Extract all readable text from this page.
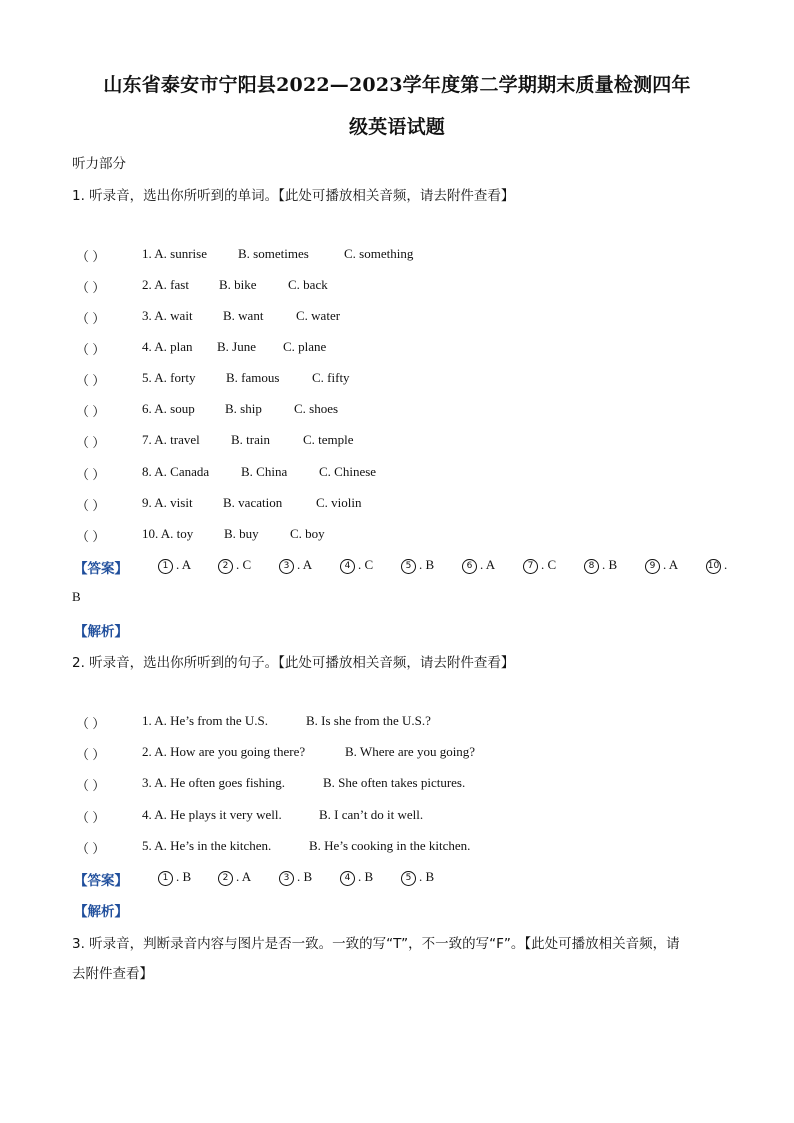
山东省泰安市宁阳县2022—2023学年度第二学期期末质量检测四年
级英语试题
听力部分
1. 听录音，选出你所听到的单词。【此处可播放相关音频，请去附件查看】
（ ）	1. A. sunrise B. sometimes	C. something
（ ）	2. A. fast B. bike C. back
（ ）	3. A. wait B. want	C. water
（ ）	4. A. plan B. June C. plane
（ ）	5. A. forty B. famous	C. fifty
（ ）	6. A. soup B. ship C. shoes
（ ）	7. A. travel B. train	C. temple
（ ）	8. A. Canada B. China C. Chinese
（ ）	9. A. visit B. vacation	C. violin
（ ）	10. A. toy B. buy C. boy
【答案】	1 . A	2 . C	3 . A	4 . C	5 . B	6 . A	7 . C	8 . B	9 . A	10 .
B
【解析】
2. 听录音，选出你所听到的句子。【此处可播放相关音频，请去附件查看】
（ ）	1. A. He’s from the U.S.	B. Is she from the U.S.?
（ ）	2. A. How are you going there?	B. Where are you going?
（ ）	3. A. He often goes fishing.	B. She often takes pictures.
（ ）	4. A. He plays it very well.	B. I can’t do it well.
（ ）	5. A. He’s in the kitchen.	B. He’s cooking in the kitchen.
【答案】	1 . B	2 . A	3 . B	4 . B	5 . B
【解析】
3. 听录音，判断录音内容与图片是否一致。一致的写“T”，不一致的写“F”。【此处可播放相关音频，请
去附件查看】
